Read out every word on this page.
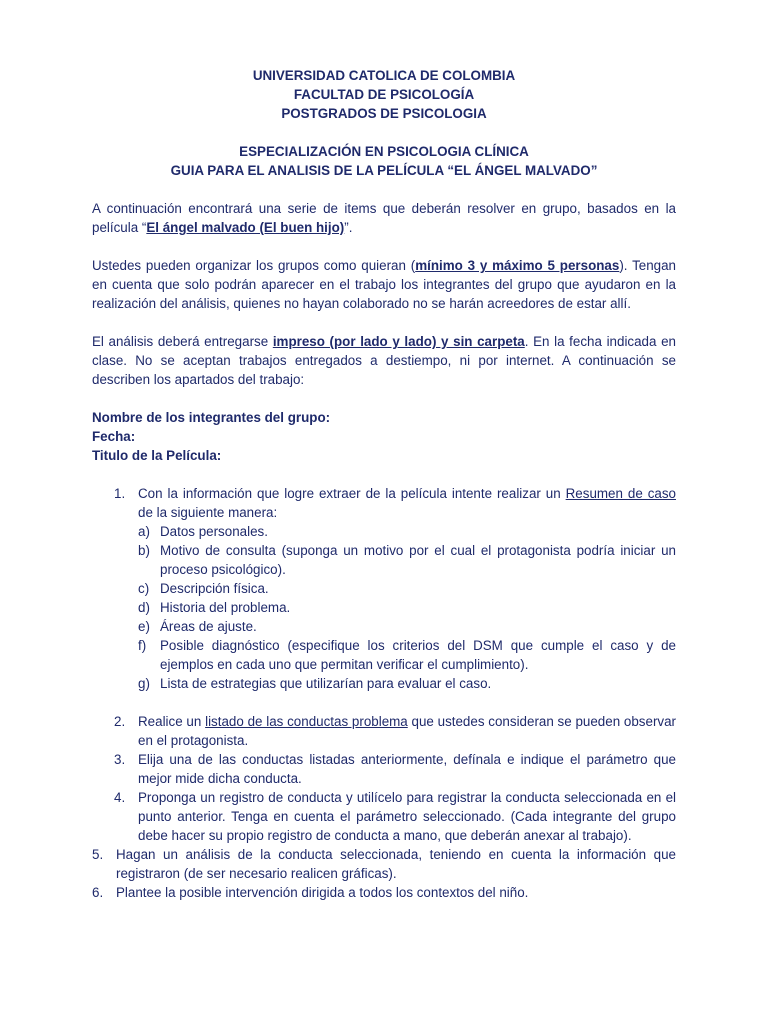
UNIVERSIDAD CATOLICA DE COLOMBIA
FACULTAD DE PSICOLOGÍA
POSTGRADOS DE PSICOLOGIA
ESPECIALIZACIÓN EN PSICOLOGIA CLÍNICA
GUIA PARA EL ANALISIS DE LA PELÍCULA “EL ÁNGEL MALVADO”

A continuación encontrará una serie de items que deberán resolver en grupo, basados en la película “El ángel malvado (El buen hijo)”.

Ustedes pueden organizar los grupos como quieran (mínimo 3 y máximo 5 personas). Tengan en cuenta que solo podrán aparecer en el trabajo los integrantes del grupo que ayudaron en la realización del análisis, quienes no hayan colaborado no se harán acreedores de estar allí.

El análisis deberá entregarse impreso (por lado y lado) y sin carpeta. En la fecha indicada en clase. No se aceptan trabajos entregados a destiempo, ni por internet. A continuación se describen los apartados del trabajo:

Nombre de los integrantes del grupo:
Fecha:
Titulo de la Película:
1. Con la información que logre extraer de la película intente realizar un Resumen de caso de la siguiente manera:
a) Datos personales.
b) Motivo de consulta (suponga un motivo por el cual el protagonista podría iniciar un proceso psicológico).
c) Descripción física.
d) Historia del problema.
e) Áreas de ajuste.
f) Posible diagnóstico (especifique los criterios del DSM que cumple el caso y de ejemplos en cada uno que permitan verificar el cumplimiento).
g) Lista de estrategias que utilizarían para evaluar el caso.
2. Realice un listado de las conductas problema que ustedes consideran se pueden observar en el protagonista.
3. Elija una de las conductas listadas anteriormente, defínala e indique el parámetro que mejor mide dicha conducta.
4. Proponga un registro de conducta y utilícelo para registrar la conducta seleccionada en el punto anterior. Tenga en cuenta el parámetro seleccionado. (Cada integrante del grupo debe hacer su propio registro de conducta a mano, que deberán anexar al trabajo).
5. Hagan un análisis de la conducta seleccionada, teniendo en cuenta la información que registraron (de ser necesario realicen gráficas).
6. Plantee la posible intervención dirigida a todos los contextos del niño.
